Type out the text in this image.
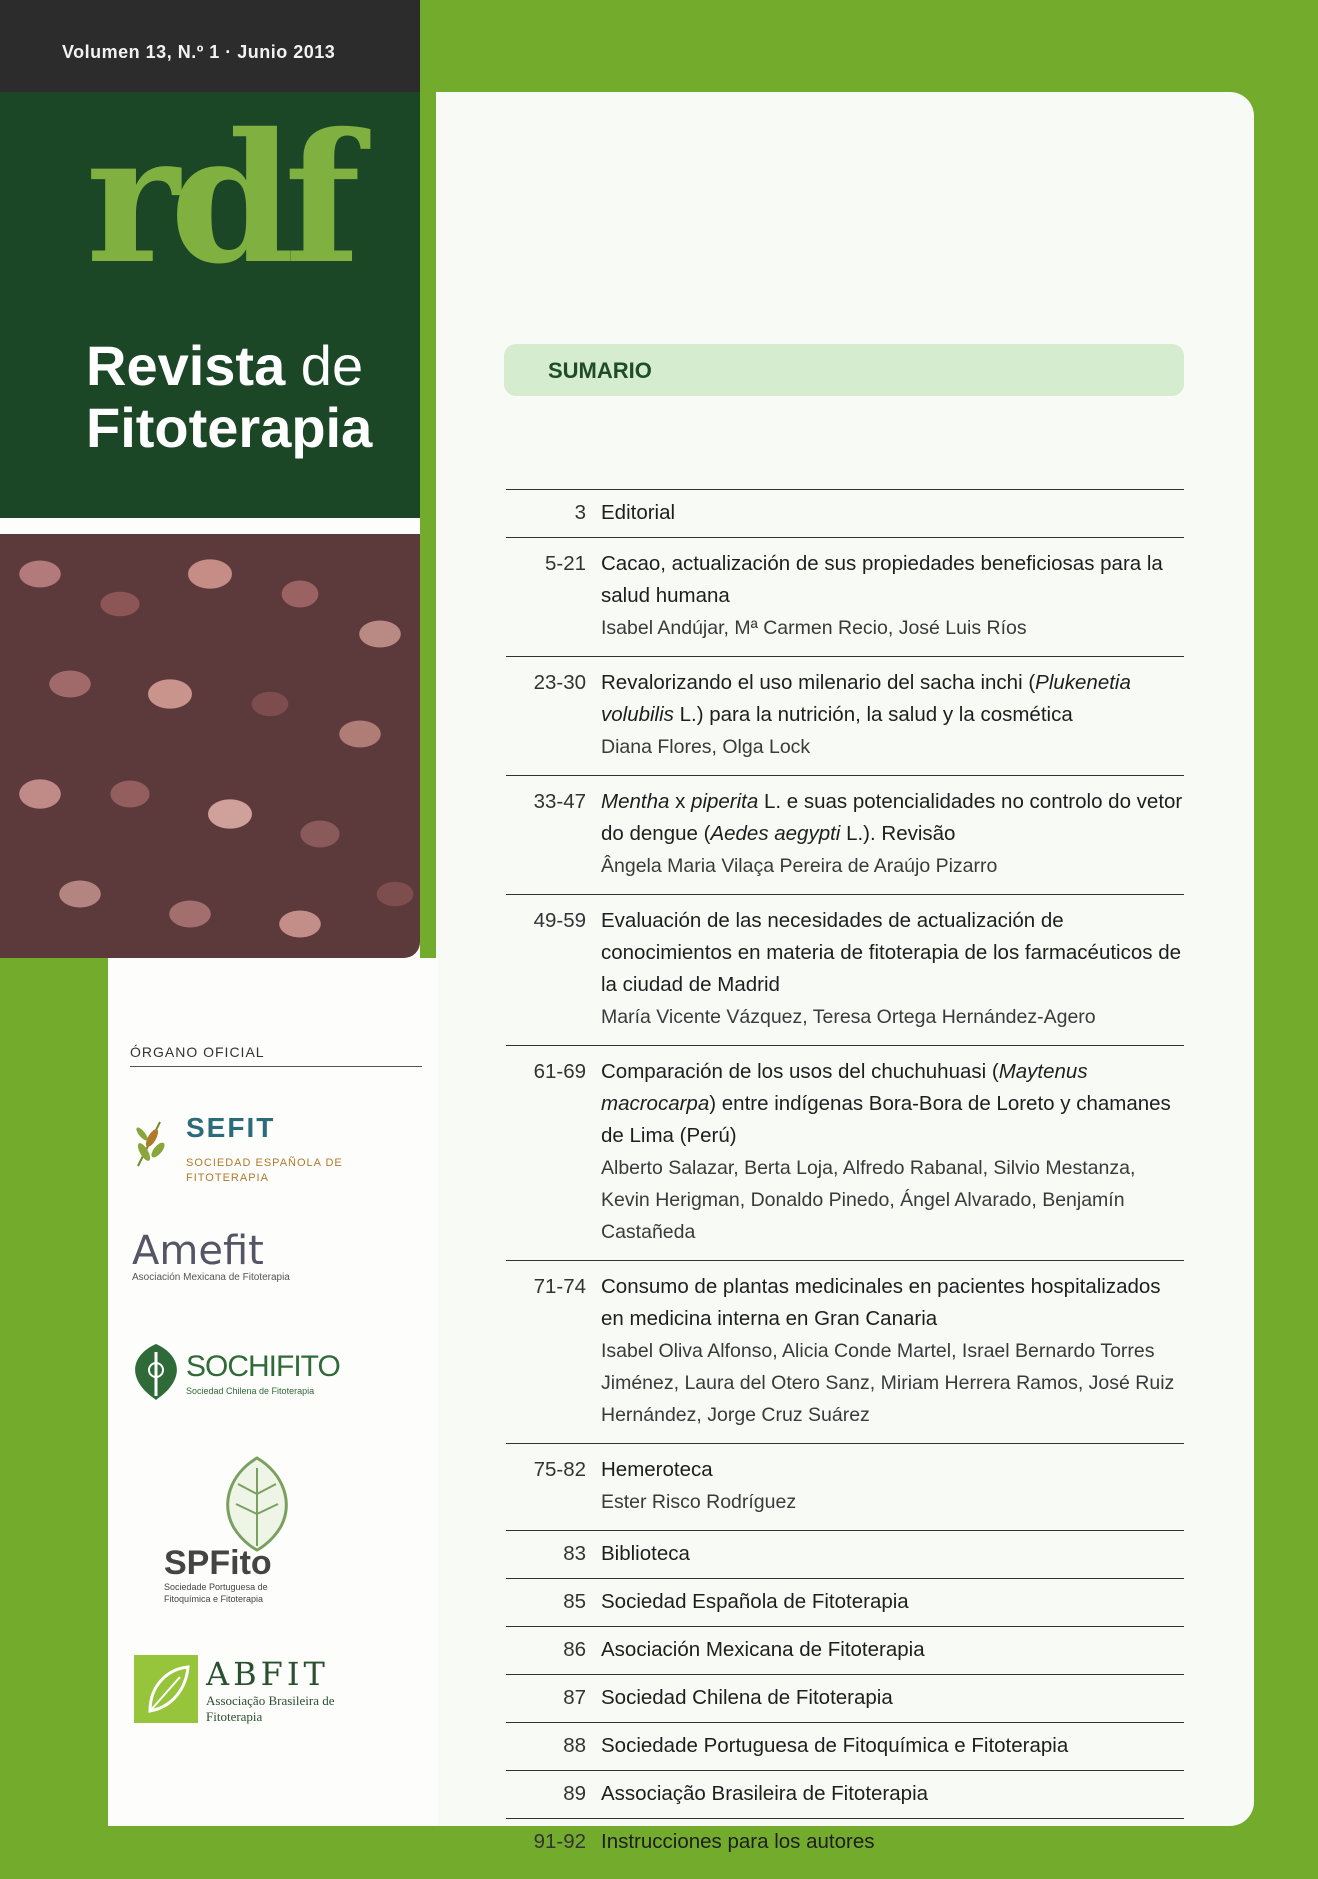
Volumen 13, N.º 1 · Junio 2013
rdf
Revista de
Fitoterapia
ÓRGANO OFICIAL
SEFIT
SOCIEDAD ESPAÑOLA DE FITOTERAPIA
Amefit
Asociación Mexicana de Fitoterapia
SOCHIFITO
Sociedad Chilena de Fitoterapia
SPFito
Sociedade Portuguesa de Fitoquímica e Fitoterapia
ABFIT
Associação Brasileira de Fitoterapia
SUMARIO
3 Editorial
5-21 Cacao, actualización de sus propiedades beneficiosas para la salud humana
Isabel Andújar, Mª Carmen Recio, José Luis Ríos
23-30 Revalorizando el uso milenario del sacha inchi (Plukenetia volubilis L.) para la nutrición, la salud y la cosmética
Diana Flores, Olga Lock
33-47 Mentha x piperita L. e suas potencialidades no controlo do vetor do dengue (Aedes aegypti L.). Revisão
Ângela Maria Vilaça Pereira de Araújo Pizarro
49-59 Evaluación de las necesidades de actualización de conocimientos en materia de fitoterapia de los farmacéuticos de la ciudad de Madrid
María Vicente Vázquez, Teresa Ortega Hernández-Agero
61-69 Comparación de los usos del chuchuhuasi (Maytenus macrocarpa) entre indígenas Bora-Bora de Loreto y chamanes de Lima (Perú)
Alberto Salazar, Berta Loja, Alfredo Rabanal, Silvio Mestanza, Kevin Herigman, Donaldo Pinedo, Ángel Alvarado, Benjamín Castañeda
71-74 Consumo de plantas medicinales en pacientes hospitalizados en medicina interna en Gran Canaria
Isabel Oliva Alfonso, Alicia Conde Martel, Israel Bernardo Torres Jiménez, Laura del Otero Sanz, Miriam Herrera Ramos, José Ruiz Hernández, Jorge Cruz Suárez
75-82 Hemeroteca
Ester Risco Rodríguez
83 Biblioteca
85 Sociedad Española de Fitoterapia
86 Asociación Mexicana de Fitoterapia
87 Sociedad Chilena de Fitoterapia
88 Sociedade Portuguesa de Fitoquímica e Fitoterapia
89 Associação Brasileira de Fitoterapia
91-92 Instrucciones para los autores
